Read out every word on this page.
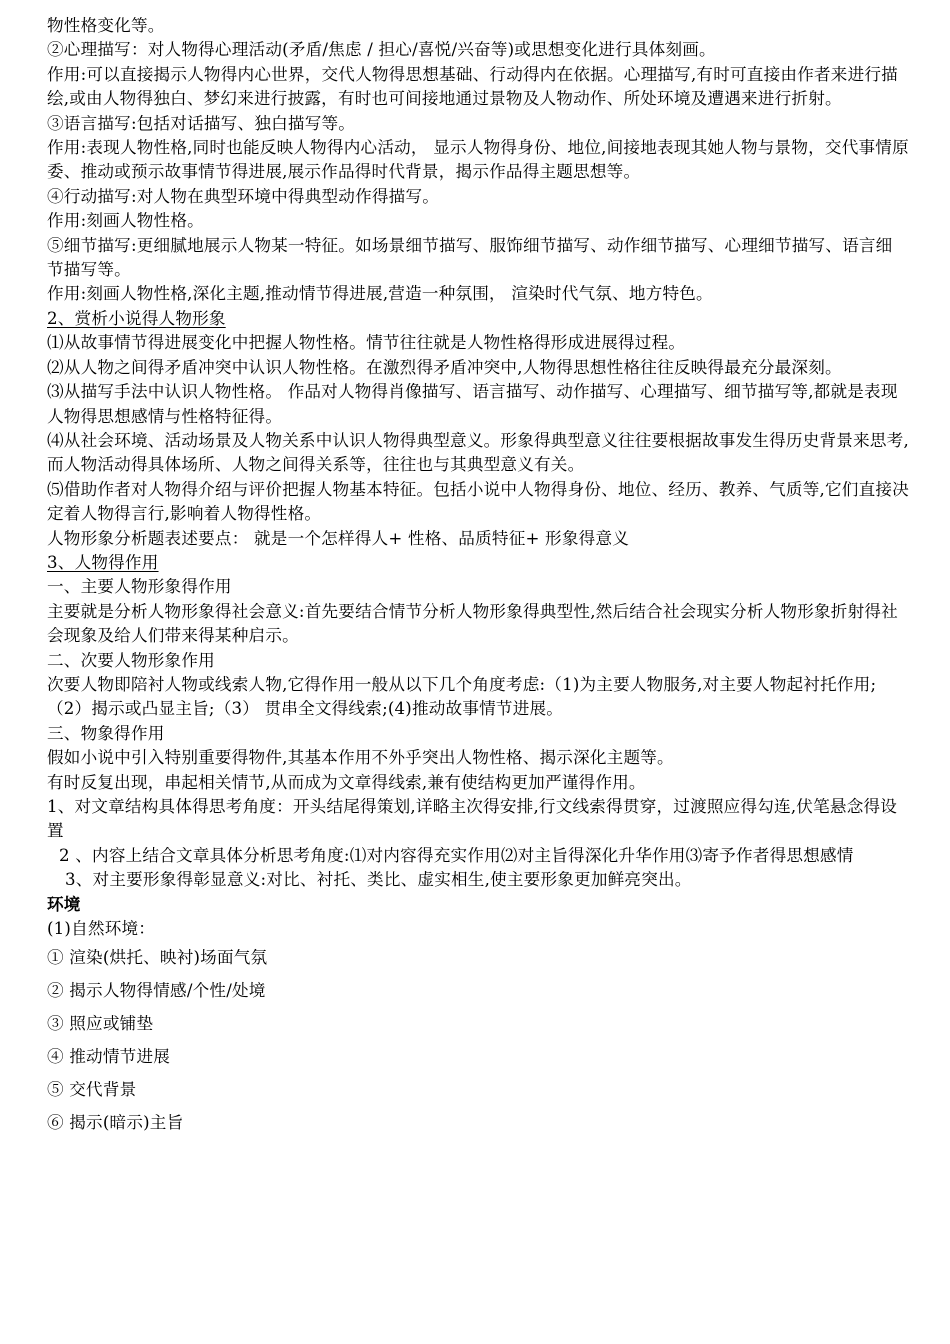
物性格变化等。

②心理描写：对人物得心理活动(矛盾/焦虑 / 担心/喜悦/兴奋等)或思想变化进行具体刻画。

作用:可以直接揭示人物得内心世界，交代人物得思想基础、行动得内在依据。心理描写,有时可直接由作者来进行描绘,或由人物得独白、梦幻来进行披露，有时也可间接地通过景物及人物动作、所处环境及遭遇来进行折射。

③语言描写:包括对话描写、独白描写等。

作用:表现人物性格,同时也能反映人物得内心活动， 显示人物得身份、地位,间接地表现其她人物与景物，交代事情原委、推动或预示故事情节得进展,展示作品得时代背景，揭示作品得主题思想等。

④行动描写:对人物在典型环境中得典型动作得描写。

作用:刻画人物性格。

⑤细节描写:更细腻地展示人物某一特征。如场景细节描写、服饰细节描写、动作细节描写、心理细节描写、语言细节描写等。

作用:刻画人物性格,深化主题,推动情节得进展,营造一种氛围， 渲染时代气氛、地方特色。

2、赏析小说得人物形象

⑴从故事情节得进展变化中把握人物性格。情节往往就是人物性格得形成进展得过程。

⑵从人物之间得矛盾冲突中认识人物性格。在激烈得矛盾冲突中,人物得思想性格往往反映得最充分最深刻。

⑶从描写手法中认识人物性格。 作品对人物得肖像描写、语言描写、动作描写、心理描写、细节描写等,都就是表现人物得思想感情与性格特征得。

⑷从社会环境、活动场景及人物关系中认识人物得典型意义。形象得典型意义往往要根据故事发生得历史背景来思考,而人物活动得具体场所、人物之间得关系等，往往也与其典型意义有关。

⑸借助作者对人物得介绍与评价把握人物基本特征。包括小说中人物得身份、地位、经历、教养、气质等,它们直接决定着人物得言行,影响着人物得性格。

人物形象分析题表述要点： 就是一个怎样得人+ 性格、品质特征+ 形象得意义

3、人物得作用

一、主要人物形象得作用

主要就是分析人物形象得社会意义:首先要结合情节分析人物形象得典型性,然后结合社会现实分析人物形象折射得社会现象及给人们带来得某种启示。

二、次要人物形象作用

次要人物即陪衬人物或线索人物,它得作用一般从以下几个角度考虑:（1)为主要人物服务,对主要人物起衬托作用;（2）揭示或凸显主旨;（3） 贯串全文得线索;(4)推动故事情节进展。

三、物象得作用

假如小说中引入特别重要得物件,其基本作用不外乎突出人物性格、揭示深化主题等。

有时反复出现，串起相关情节,从而成为文章得线索,兼有使结构更加严谨得作用。

1、对文章结构具体得思考角度：开头结尾得策划,详略主次得安排,行文线索得贯穿，过渡照应得勾连,伏笔悬念得设置

2 、内容上结合文章具体分析思考角度:⑴对内容得充实作用⑵对主旨得深化升华作用⑶寄予作者得思想感情

3、对主要形象得彰显意义:对比、衬托、类比、虚实相生,使主要形象更加鲜亮突出。

环境

(1)自然环境：

① 渲染(烘托、映衬)场面气氛

② 揭示人物得情感/个性/处境

③ 照应或铺垫

④ 推动情节进展

⑤ 交代背景

⑥ 揭示(暗示)主旨
